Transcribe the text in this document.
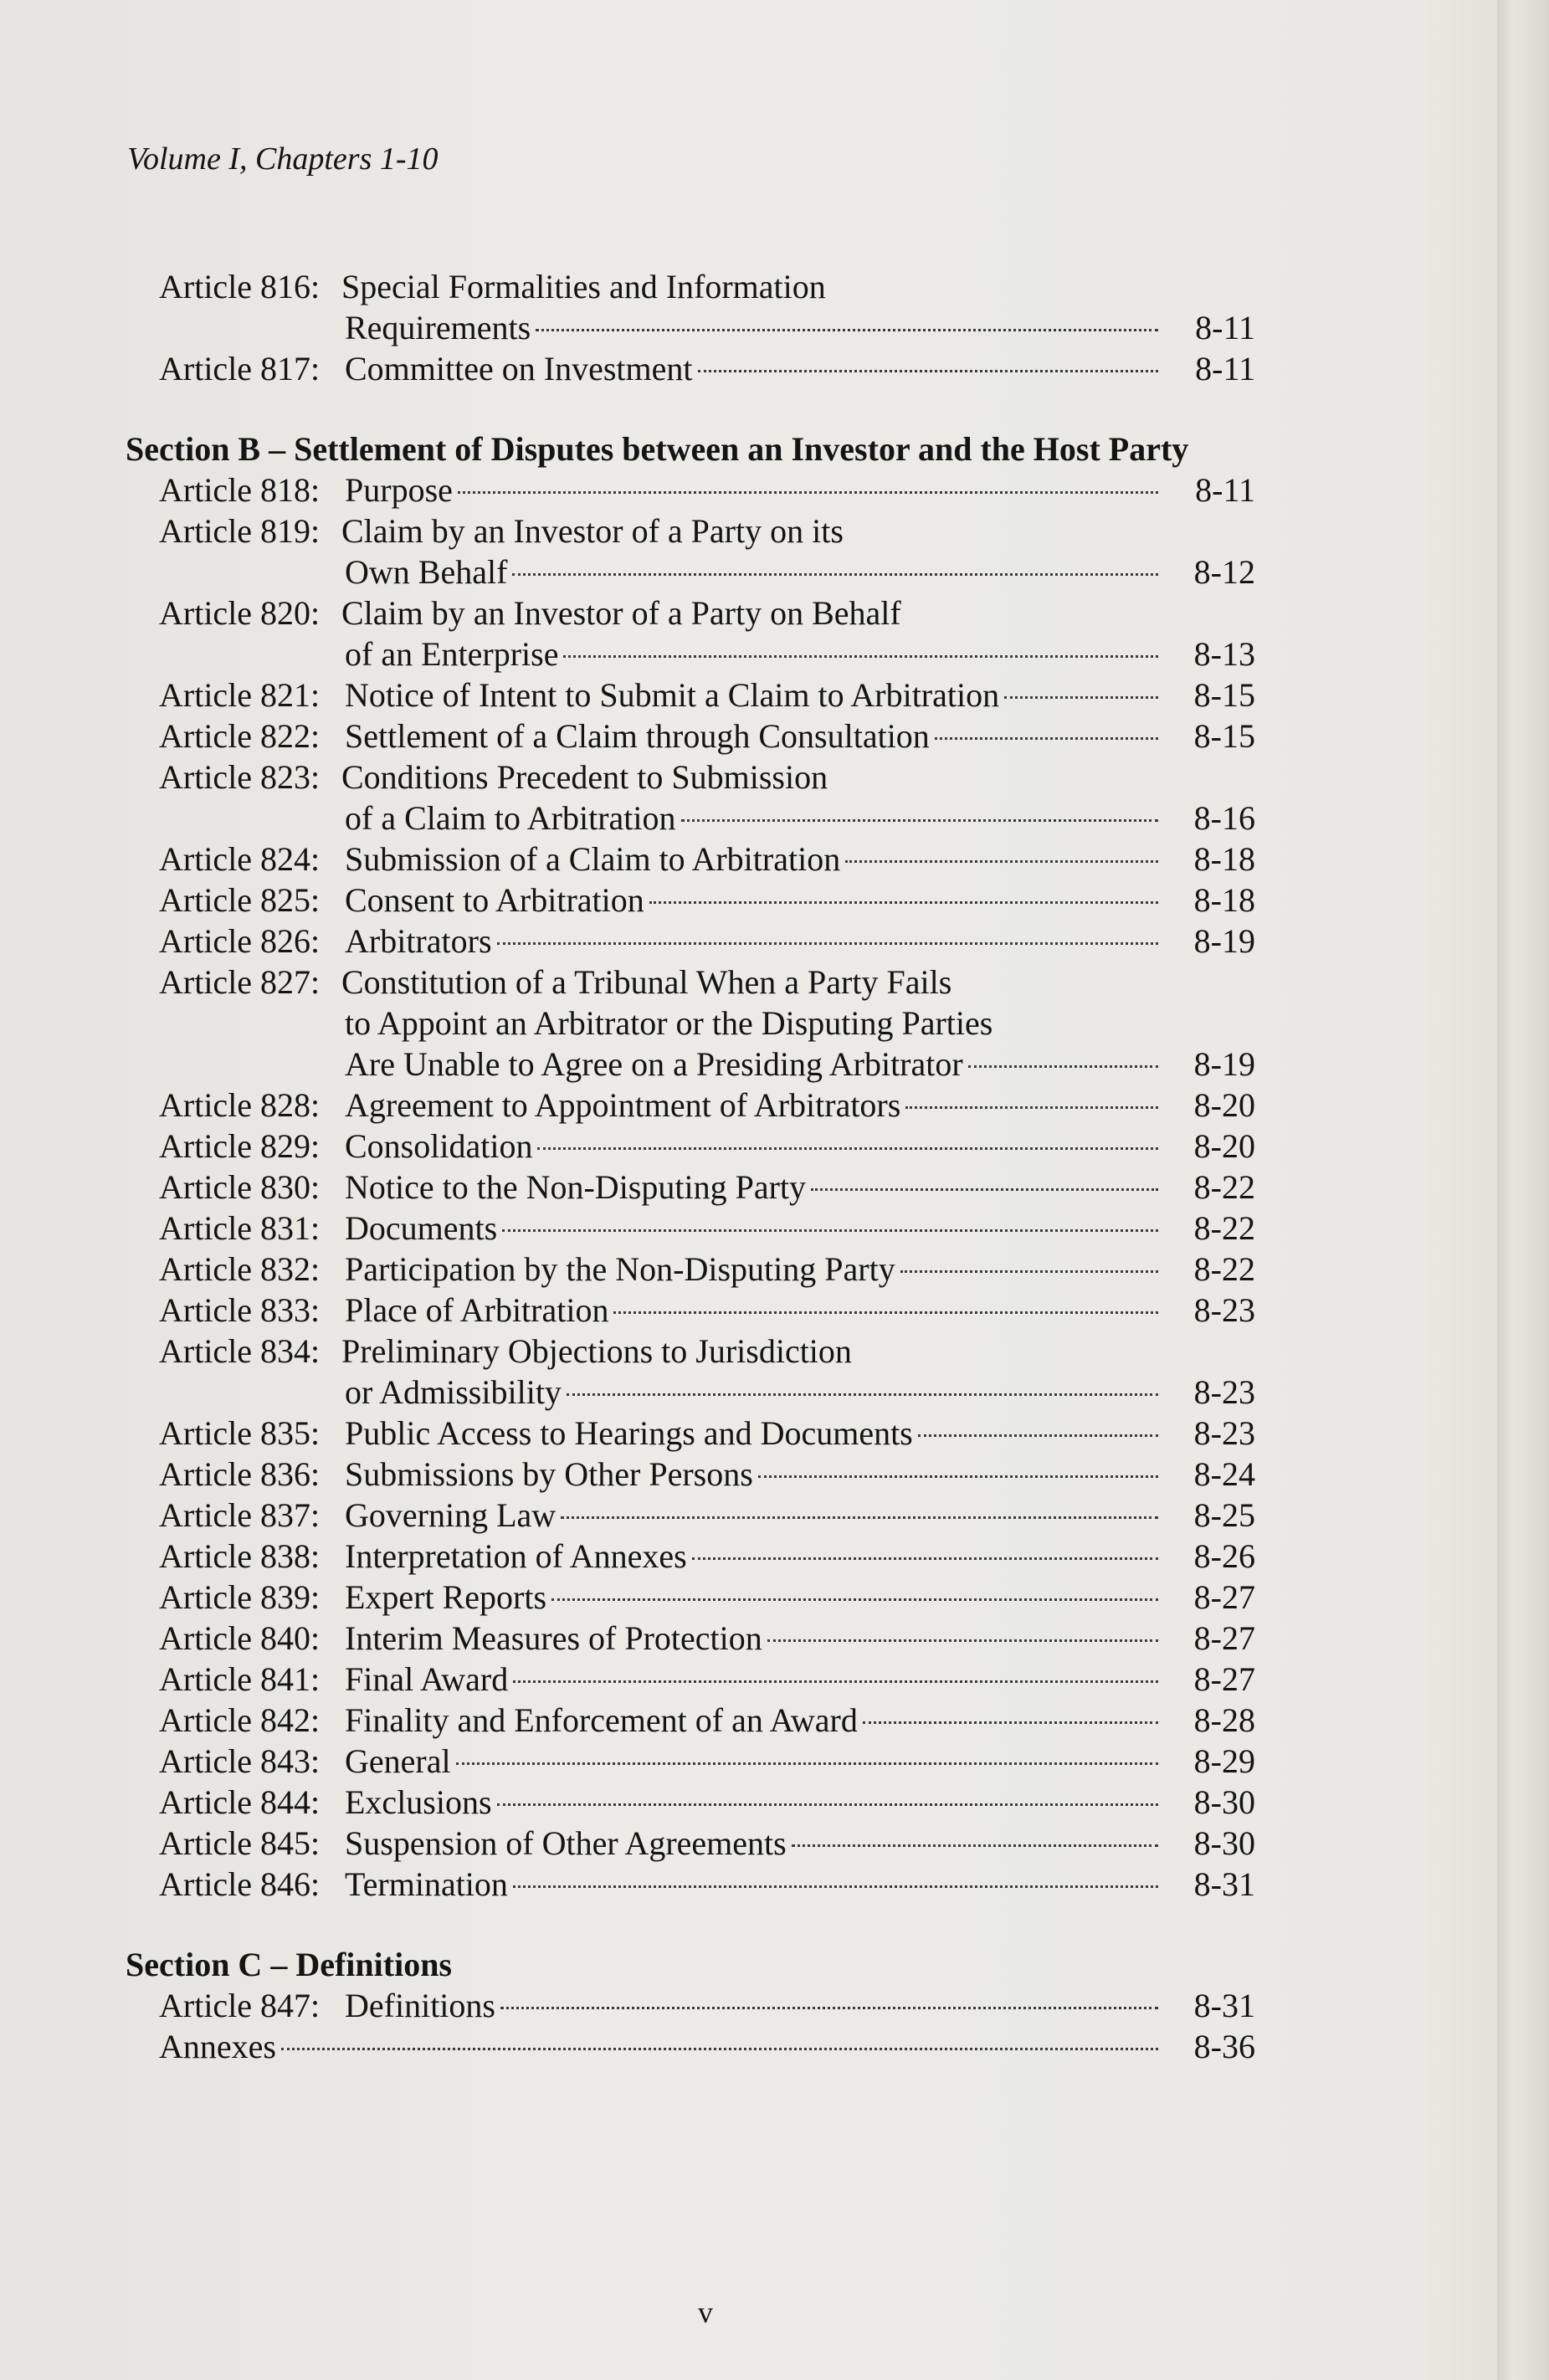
Volume I, Chapters 1-10
Article 816: Special Formalities and Information
Requirements	8-11
Article 817: Committee on Investment	8-11
Section B – Settlement of Disputes between an Investor and the Host Party
Article 818: Purpose	8-11
Article 819: Claim by an Investor of a Party on its
Own Behalf	8-12
Article 820: Claim by an Investor of a Party on Behalf
of an Enterprise	8-13
Article 821: Notice of Intent to Submit a Claim to Arbitration	8-15
Article 822: Settlement of a Claim through Consultation	8-15
Article 823: Conditions Precedent to Submission
of a Claim to Arbitration	8-16
Article 824: Submission of a Claim to Arbitration	8-18
Article 825: Consent to Arbitration	8-18
Article 826: Arbitrators	8-19
Article 827: Constitution of a Tribunal When a Party Fails
to Appoint an Arbitrator or the Disputing Parties
Are Unable to Agree on a Presiding Arbitrator	8-19
Article 828: Agreement to Appointment of Arbitrators	8-20
Article 829: Consolidation	8-20
Article 830: Notice to the Non-Disputing Party	8-22
Article 831: Documents	8-22
Article 832: Participation by the Non-Disputing Party	8-22
Article 833: Place of Arbitration	8-23
Article 834: Preliminary Objections to Jurisdiction
or Admissibility	8-23
Article 835: Public Access to Hearings and Documents	8-23
Article 836: Submissions by Other Persons	8-24
Article 837: Governing Law	8-25
Article 838: Interpretation of Annexes	8-26
Article 839: Expert Reports	8-27
Article 840: Interim Measures of Protection	8-27
Article 841: Final Award	8-27
Article 842: Finality and Enforcement of an Award	8-28
Article 843: General	8-29
Article 844: Exclusions	8-30
Article 845: Suspension of Other Agreements	8-30
Article 846: Termination	8-31
Section C – Definitions
Article 847: Definitions	8-31
Annexes	8-36
v
